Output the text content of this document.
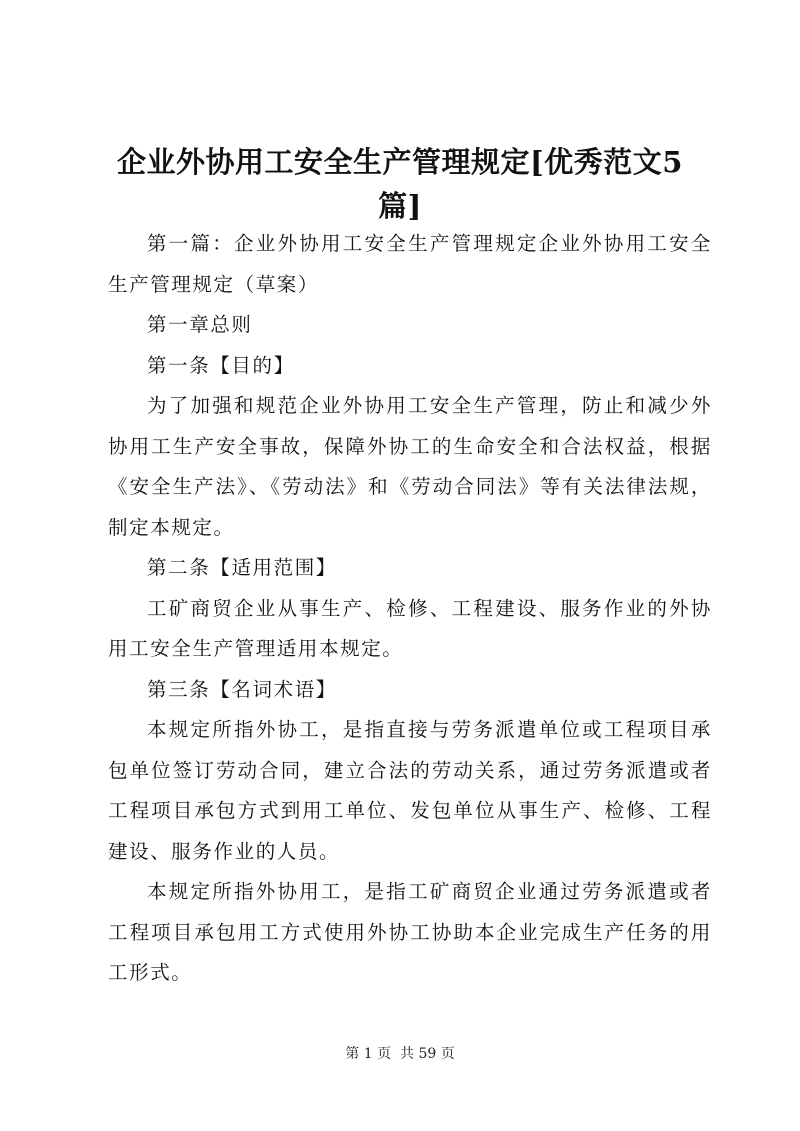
企业外协用工安全生产管理规定[优秀范文5篇]

第一篇：企业外协用工安全生产管理规定企业外协用工安全生产管理规定（草案）

第一章总则

第一条【目的】

为了加强和规范企业外协用工安全生产管理，防止和减少外协用工生产安全事故，保障外协工的生命安全和合法权益，根据《安全生产法》、《劳动法》和《劳动合同法》等有关法律法规，制定本规定。

第二条【适用范围】

工矿商贸企业从事生产、检修、工程建设、服务作业的外协用工安全生产管理适用本规定。

第三条【名词术语】

本规定所指外协工，是指直接与劳务派遣单位或工程项目承包单位签订劳动合同，建立合法的劳动关系，通过劳务派遣或者工程项目承包方式到用工单位、发包单位从事生产、检修、工程建设、服务作业的人员。

本规定所指外协用工，是指工矿商贸企业通过劳务派遣或者工程项目承包用工方式使用外协工协助本企业完成生产任务的用工形式。

第 1 页  共 59 页
